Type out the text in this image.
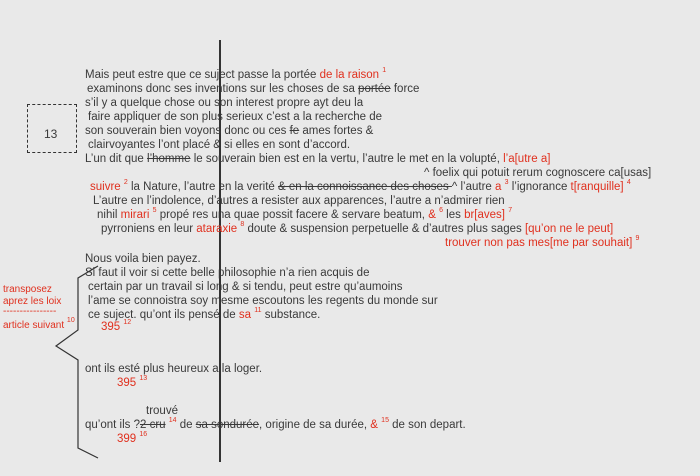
13
transposez
aprez les loix
----------------
article suivant $^{10}$
Mais peut estre que ce suject passe la portée de la raison $^1$
examinons donc ses inventions sur les choses de sa portée force
s’il y a quelque chose ou son interest propre ayt deu la
faire appliquer de son plus serieux c’est a la recherche de
son souverain bien voyons donc ou ces fe ames fortes &
clairvoyantes l’ont placé & si elles en sont d’accord.
L’un dit que l’homme le souverain bien est en la vertu, l’autre le met en la volupté, l’a[utre a]
^ foelix qui potuit rerum cognoscere ca[usas]
suivre $^2$ la Nature, l’autre en la verité & en la connoissance des choses ^ l’autre a $^3$ l’ignorance t[ranquille] $^4$
L’autre en l’indolence, d’autres a resister aux apparences, l’autre a n’admirer rien
nihil mirari $^5$ propé res una quae possit facere & servare beatum, & $^6$ les br[aves] $^7$
pyrroniens en leur ataraxie $^8$ doute & suspension perpetuelle & d’autres plus sages [qu’on ne le peut]
trouver non pas mes[me par souhait] $^9$
Nous voila bien payez.
Si faut il voir si cette belle philosophie n’a rien acquis de
certain par un travail si long & si tendu, peut estre qu’aumoins
l’ame se connoistra soy mesme escoutons les regents du monde sur
ce suject. qu’ont ils pensé de sa $^{11}$ substance.
395 $^{12}$
ont ils esté plus heureux a la loger.
395 $^{13}$
trouvé
qu’ont ils ?2 cru $^{14}$ de sa sondurée, origine de sa durée, & $^{15}$ de son depart.
399 $^{16}$
